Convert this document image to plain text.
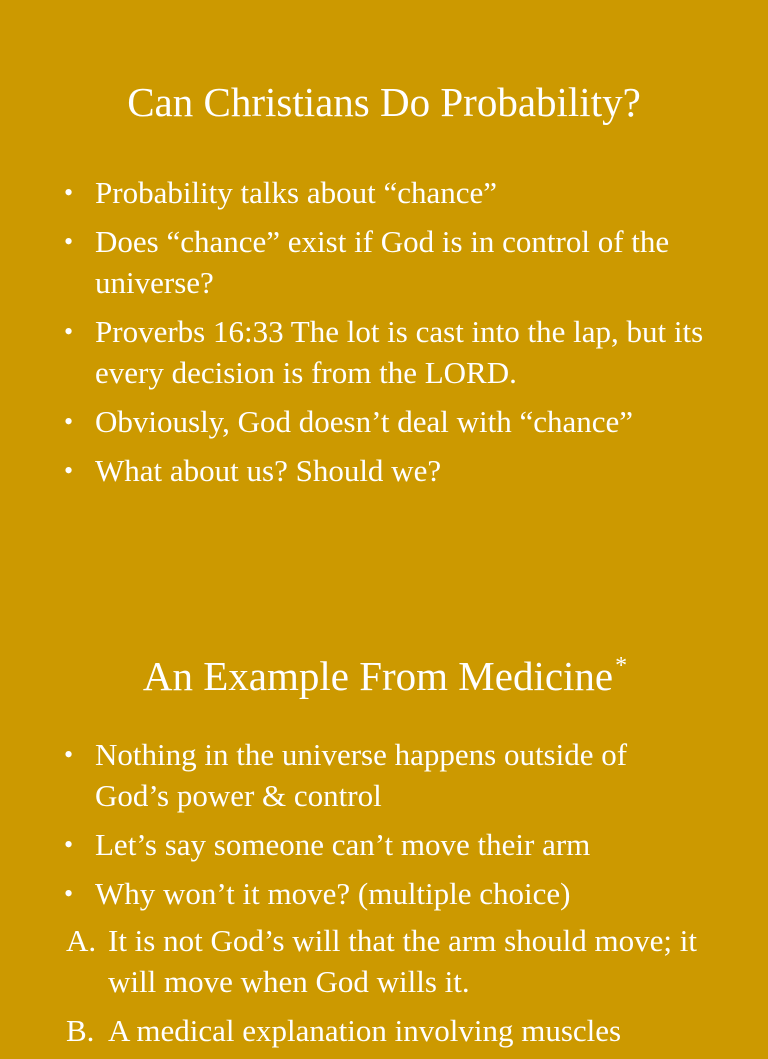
Can Christians Do Probability?
• Probability talks about “chance”
• Does “chance” exist if God is in control of the universe?
• Proverbs 16:33 The lot is cast into the lap, but its every decision is from the LORD.
• Obviously, God doesn’t deal with “chance”
• What about us? Should we?
An Example From Medicine*
• Nothing in the universe happens outside of God’s power & control
• Let’s say someone can’t move their arm
• Why won’t it move? (multiple choice)
A. It is not God’s will that the arm should move; it will move when God wills it.
B. A medical explanation involving muscles
